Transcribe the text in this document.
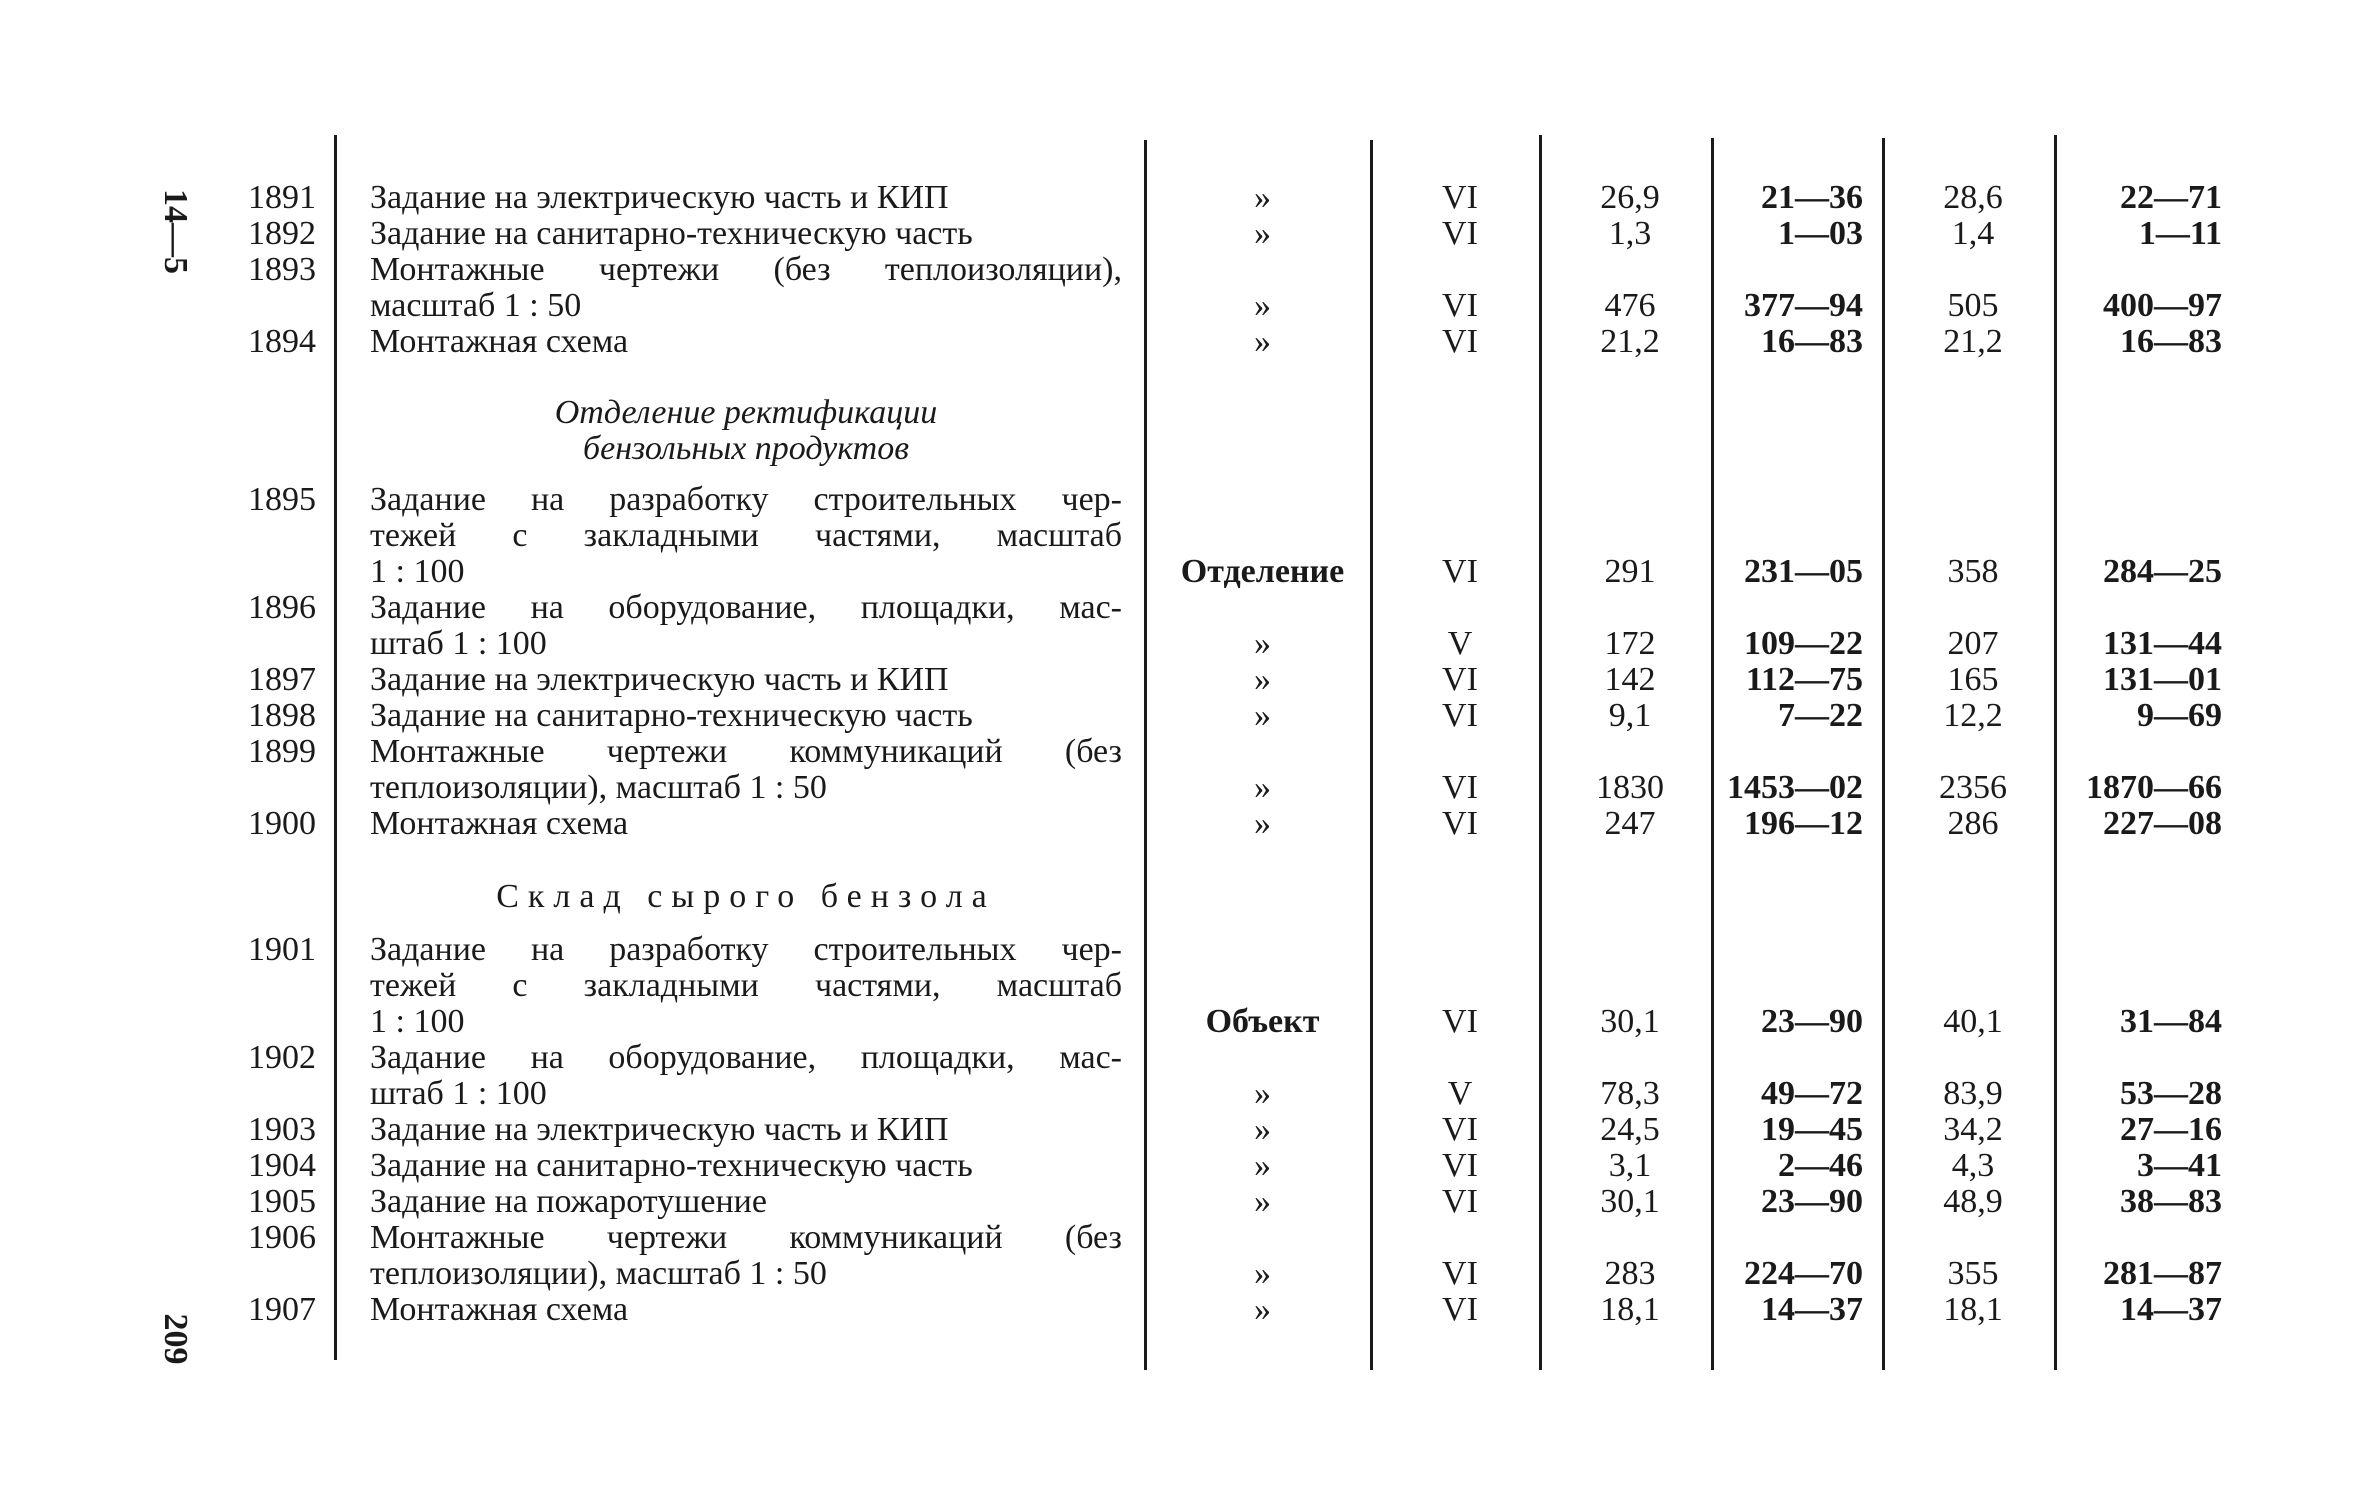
14—5
209
Отделение ректификации
бензольных продуктов
Склад сырого бензола
1891 Задание на электрическую часть и КИП	»	VI	26,9	21—36	28,6	22—71
1892 Задание на санитарно-техническую часть	»	VI	1,3	1—03	1,4	1—11
1893 Монтажные чертежи (без теплоизоляции),
масштаб 1 : 50	»	VI	476	377—94	505	400—97
1894 Монтажная схема	»	VI	21,2	16—83	21,2	16—83
1895 Задание на разработку строительных чер-
тежей с закладными частями, масштаб
1 : 100	Отделение	VI	291	231—05	358	284—25
1896 Задание на оборудование, площадки, мас-
штаб 1 : 100	»	V	172	109—22	207	131—44
1897 Задание на электрическую часть и КИП	»	VI	142	112—75	165	131—01
1898 Задание на санитарно-техническую часть	»	VI	9,1	7—22	12,2	9—69
1899 Монтажные чертежи коммуникаций (без
теплоизоляции), масштаб 1 : 50	»	VI	1830	1453—02	2356	1870—66
1900 Монтажная схема	»	VI	247	196—12	286	227—08
1901 Задание на разработку строительных чер-
тежей с закладными частями, масштаб
1 : 100	Объект	VI	30,1	23—90	40,1	31—84
1902 Задание на оборудование, площадки, мас-
штаб 1 : 100	»	V	78,3	49—72	83,9	53—28
1903 Задание на электрическую часть и КИП	»	VI	24,5	19—45	34,2	27—16
1904 Задание на санитарно-техническую часть	»	VI	3,1	2—46	4,3	3—41
1905 Задание на пожаротушение	»	VI	30,1	23—90	48,9	38—83
1906 Монтажные чертежи коммуникаций (без
теплоизоляции), масштаб 1 : 50	»	VI	283	224—70	355	281—87
1907 Монтажная схема	»	VI	18,1	14—37	18,1	14—37
